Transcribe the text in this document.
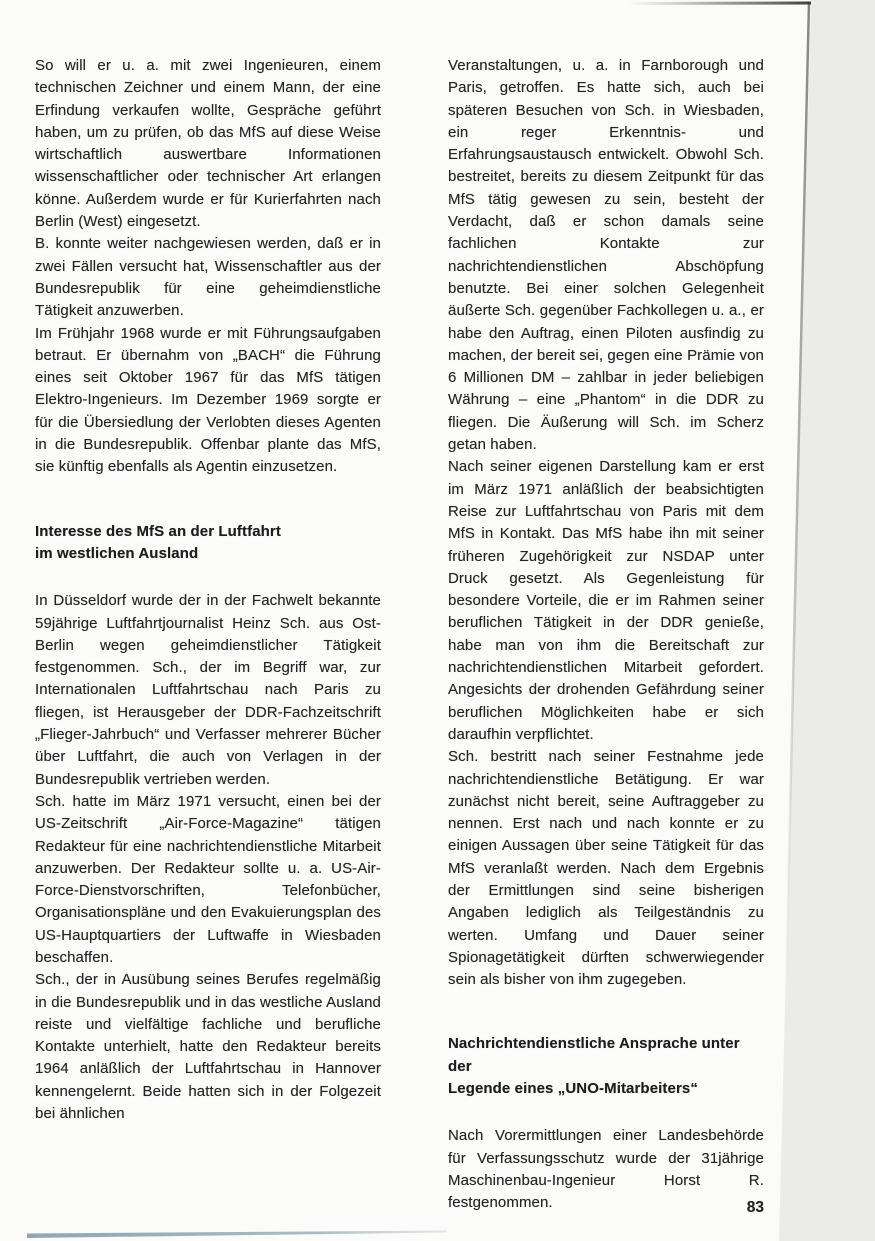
So will er u. a. mit zwei Ingenieuren, einem technischen Zeichner und einem Mann, der eine Erfindung verkaufen wollte, Gespräche geführt haben, um zu prüfen, ob das MfS auf diese Weise wirtschaftlich auswertbare Informationen wissenschaftlicher oder technischer Art erlangen könne. Außerdem wurde er für Kurierfahrten nach Berlin (West) eingesetzt.

B. konnte weiter nachgewiesen werden, daß er in zwei Fällen versucht hat, Wissenschaftler aus der Bundesrepublik für eine geheimdienstliche Tätigkeit anzuwerben.

Im Frühjahr 1968 wurde er mit Führungsaufgaben betraut. Er übernahm von „BACH“ die Führung eines seit Oktober 1967 für das MfS tätigen Elektro-Ingenieurs. Im Dezember 1969 sorgte er für die Übersiedlung der Verlobten dieses Agenten in die Bundesrepublik. Offenbar plante das MfS, sie künftig ebenfalls als Agentin einzusetzen.

Interesse des MfS an der Luftfahrt
im westlichen Ausland

In Düsseldorf wurde der in der Fachwelt bekannte 59jährige Luftfahrtjournalist Heinz Sch. aus Ost-Berlin wegen geheimdienstlicher Tätigkeit festgenommen. Sch., der im Begriff war, zur Internationalen Luftfahrtschau nach Paris zu fliegen, ist Herausgeber der DDR-Fachzeitschrift „Flieger-Jahrbuch“ und Verfasser mehrerer Bücher über Luftfahrt, die auch von Verlagen in der Bundesrepublik vertrieben werden.

Sch. hatte im März 1971 versucht, einen bei der US-Zeitschrift „Air-Force-Magazine“ tätigen Redakteur für eine nachrichtendienstliche Mitarbeit anzuwerben. Der Redakteur sollte u. a. US-Air-Force-Dienstvorschriften, Telefonbücher, Organisationspläne und den Evakuierungsplan des US-Hauptquartiers der Luftwaffe in Wiesbaden beschaffen.

Sch., der in Ausübung seines Berufes regelmäßig in die Bundesrepublik und in das westliche Ausland reiste und vielfältige fachliche und berufliche Kontakte unterhielt, hatte den Redakteur bereits 1964 anläßlich der Luftfahrtschau in Hannover kennengelernt. Beide hatten sich in der Folgezeit bei ähnlichen

Veranstaltungen, u. a. in Farnborough und Paris, getroffen. Es hatte sich, auch bei späteren Besuchen von Sch. in Wiesbaden, ein reger Erkenntnis- und Erfahrungsaustausch entwickelt. Obwohl Sch. bestreitet, bereits zu diesem Zeitpunkt für das MfS tätig gewesen zu sein, besteht der Verdacht, daß er schon damals seine fachlichen Kontakte zur nachrichtendienstlichen Abschöpfung benutzte. Bei einer solchen Gelegenheit äußerte Sch. gegenüber Fachkollegen u. a., er habe den Auftrag, einen Piloten ausfindig zu machen, der bereit sei, gegen eine Prämie von 6 Millionen DM – zahlbar in jeder beliebigen Währung – eine „Phantom“ in die DDR zu fliegen. Die Äußerung will Sch. im Scherz getan haben.

Nach seiner eigenen Darstellung kam er erst im März 1971 anläßlich der beabsichtigten Reise zur Luftfahrtschau von Paris mit dem MfS in Kontakt. Das MfS habe ihn mit seiner früheren Zugehörigkeit zur NSDAP unter Druck gesetzt. Als Gegenleistung für besondere Vorteile, die er im Rahmen seiner beruflichen Tätigkeit in der DDR genieße, habe man von ihm die Bereitschaft zur nachrichtendienstlichen Mitarbeit gefordert. Angesichts der drohenden Gefährdung seiner beruflichen Möglichkeiten habe er sich daraufhin verpflichtet.

Sch. bestritt nach seiner Festnahme jede nachrichtendienstliche Betätigung. Er war zunächst nicht bereit, seine Auftraggeber zu nennen. Erst nach und nach konnte er zu einigen Aussagen über seine Tätigkeit für das MfS veranlaßt werden. Nach dem Ergebnis der Ermittlungen sind seine bisherigen Angaben lediglich als Teilgeständnis zu werten. Umfang und Dauer seiner Spionagetätigkeit dürften schwerwiegender sein als bisher von ihm zugegeben.

Nachrichtendienstliche Ansprache unter der
Legende eines „UNO-Mitarbeiters“

Nach Vorermittlungen einer Landesbehörde für Verfassungsschutz wurde der 31jährige Maschinenbau-Ingenieur Horst R. festgenommen.	83
